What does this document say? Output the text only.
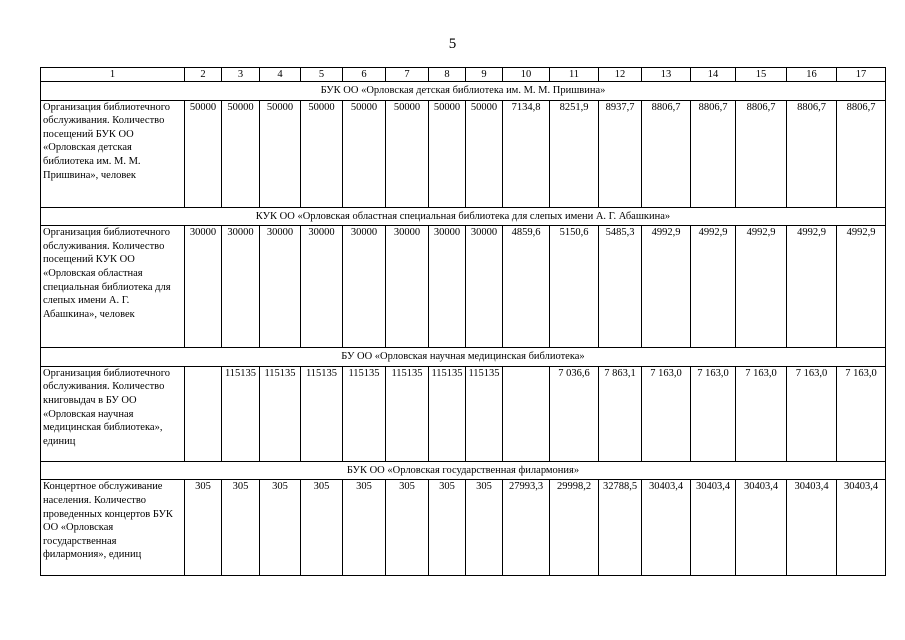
5
1	2	3	4	5	6	7	8	9	10	11	12	13	14	15	16	17
БУК ОО «Орловская детская библиотека им. М. М. Пришвина»																
Организация библиотечного обслуживания. Количество посещений БУК ОО «Орловская детская библиотека им. М. М. Пришвина», человек	50000	50000	50000	50000	50000	50000	50000	50000	7134,8	8251,9	8937,7	8806,7	8806,7	8806,7	8806,7	8806,7
КУК ОО «Орловская областная специальная библиотека для слепых имени А. Г. Абашкина»																
Организация библиотечного обслуживания. Количество посещений КУК ОО «Орловская областная специальная библиотека для слепых имени А. Г. Абашкина», человек	30000	30000	30000	30000	30000	30000	30000	30000	4859,6	5150,6	5485,3	4992,9	4992,9	4992,9	4992,9	4992,9
БУ ОО «Орловская научная медицинская библиотека»																
Организация библиотечного обслуживания. Количество книговыдач в БУ ОО «Орловская научная медицинская библиотека», единиц		115135	115135	115135	115135	115135	115135	115135		7 036,6	7 863,1	7 163,0	7 163,0	7 163,0	7 163,0	7 163,0
БУК ОО «Орловская государственная филармония»																
Концертное обслуживание населения. Количество проведенных концертов БУК ОО «Орловская государственная филармония», единиц	305	305	305	305	305	305	305	305	27993,3	29998,2	32788,5	30403,4	30403,4	30403,4	30403,4	30403,4
